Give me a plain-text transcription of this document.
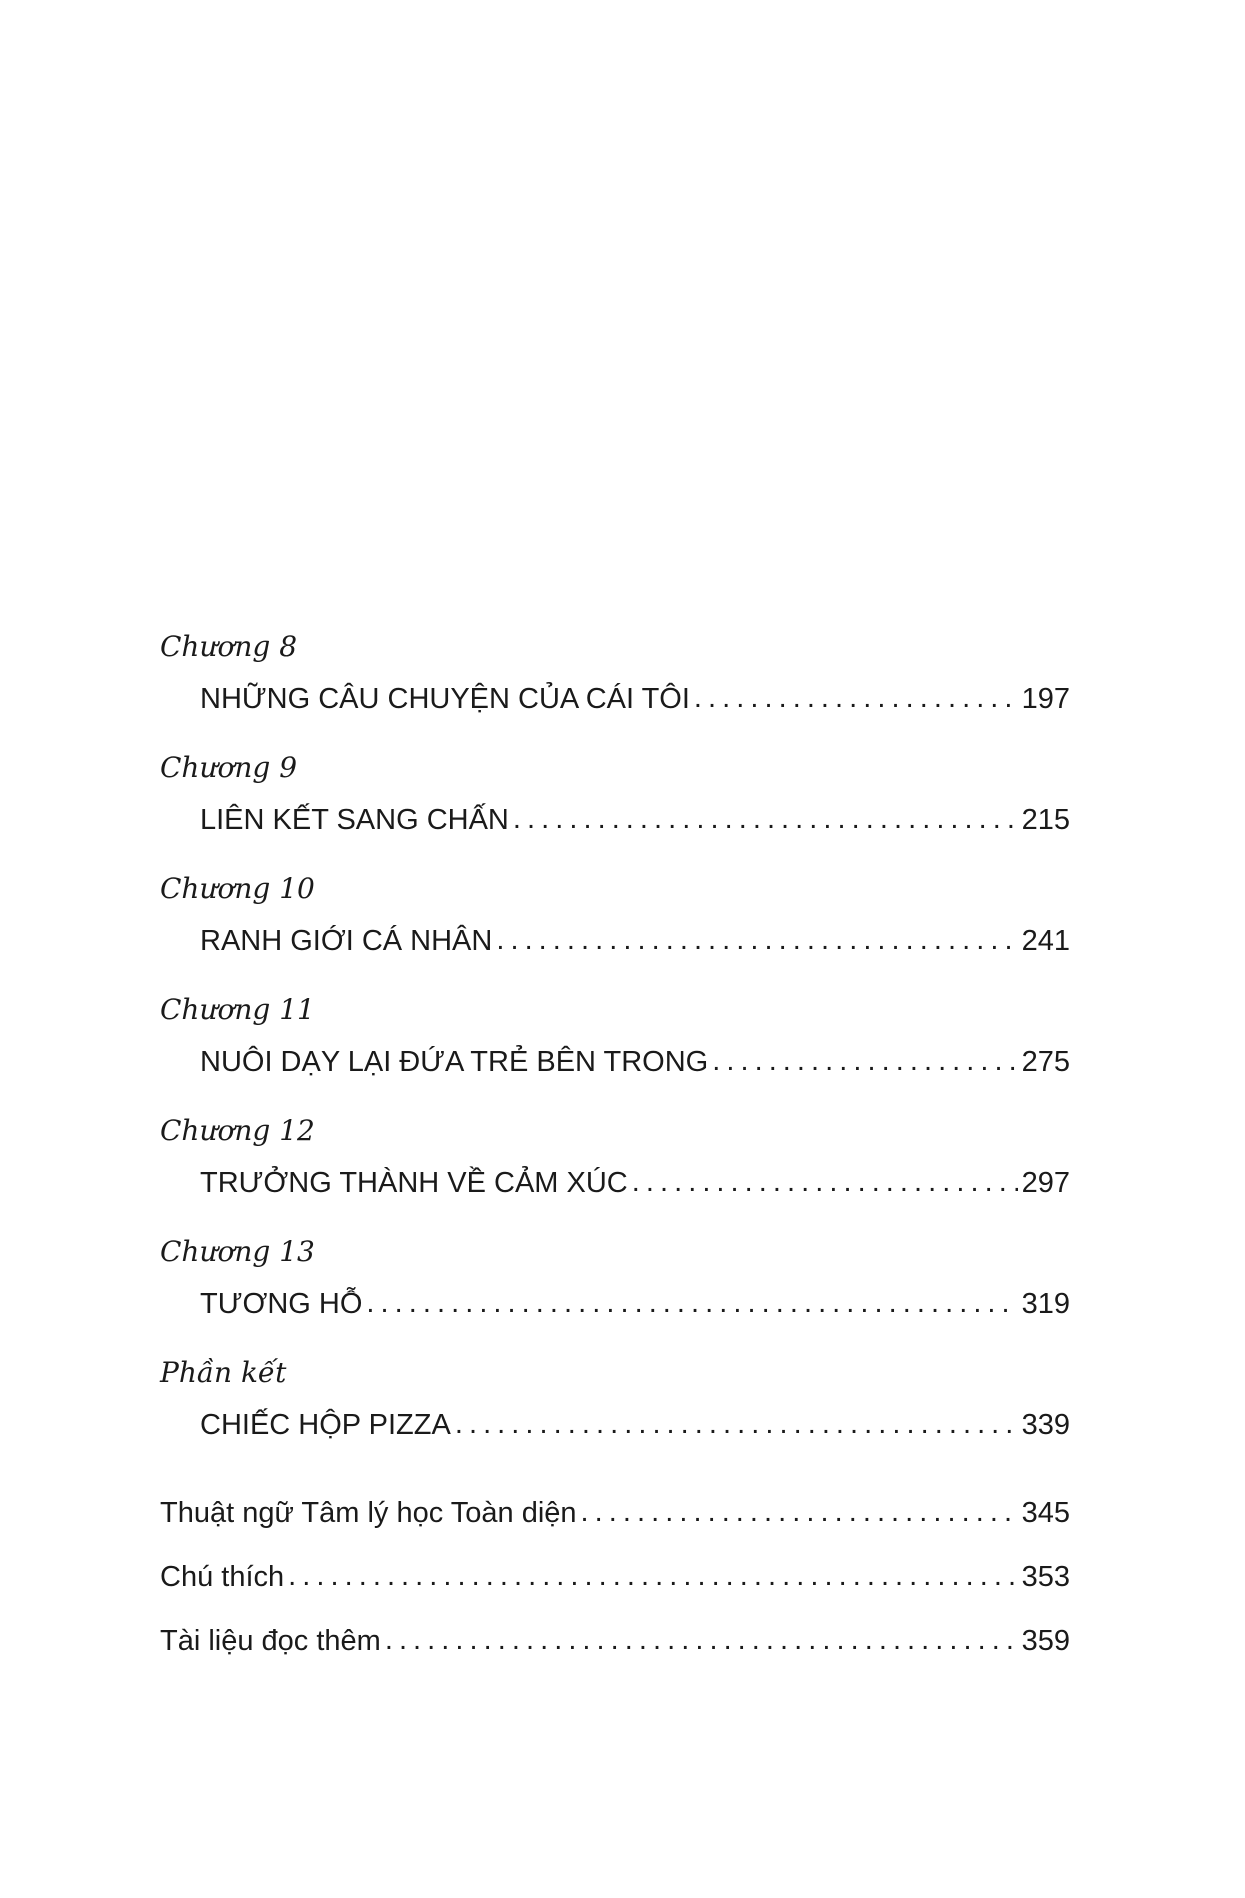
Chương 8

NHỮNG CÂU CHUYỆN CỦA CÁI TÔI . . .	197

Chương 9

LIÊN KẾT SANG CHẤN . . .	215

Chương 10

RANH GIỚI CÁ NHÂN . . .	241

Chương 11

NUÔI DẠY LẠI ĐỨA TRẺ BÊN TRONG . . .	275

Chương 12

TRƯỞNG THÀNH VỀ CẢM XÚC . . .	297

Chương 13

TƯƠNG HỖ . . .	319

Phần kết

CHIẾC HỘP PIZZA . . .	339
Thuật ngữ Tâm lý học Toàn diện . . .	345
Chú thích . . .	353
Tài liệu đọc thêm . . .	359
